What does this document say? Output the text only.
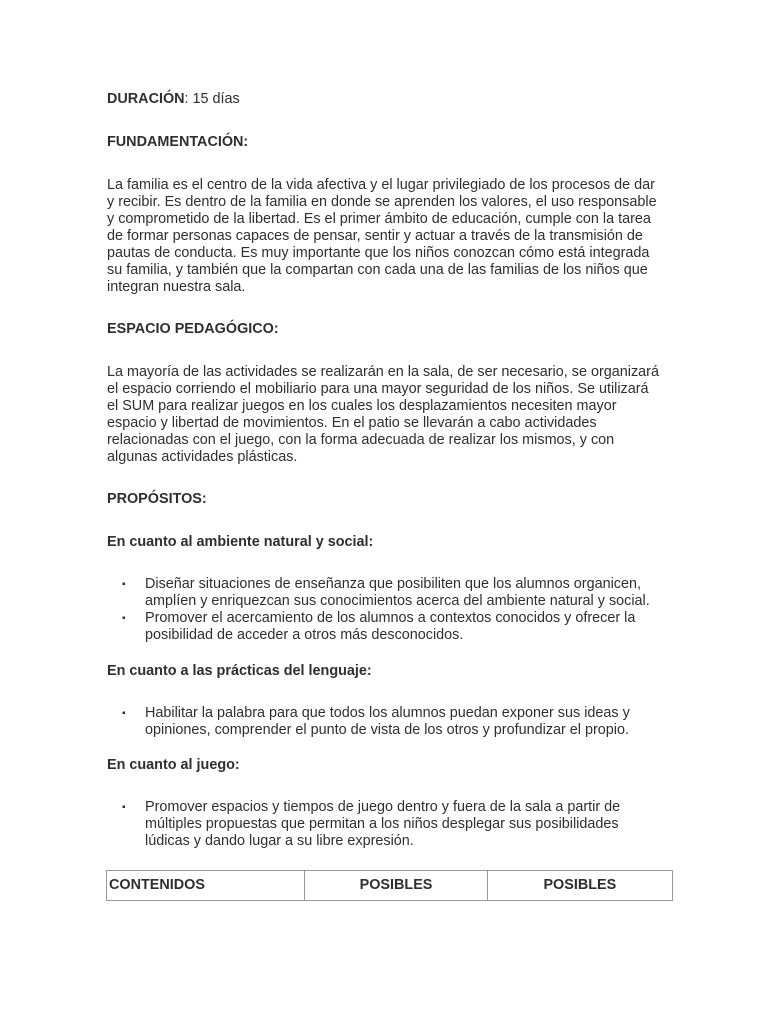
DURACIÓN: 15 días

FUNDAMENTACIÓN:

La familia es el centro de la vida afectiva y el lugar privilegiado de los procesos de dar
y recibir. Es dentro de la familia en donde se aprenden los valores, el uso responsable
y comprometido de la libertad. Es el primer ámbito de educación, cumple con la tarea
de formar personas capaces de pensar, sentir y actuar a través de la transmisión de
pautas de conducta. Es muy importante que los niños conozcan cómo está integrada
su familia, y también que la compartan con cada una de las familias de los niños que
integran nuestra sala.

ESPACIO PEDAGÓGICO:

La mayoría de las actividades se realizarán en la sala, de ser necesario, se organizará
el espacio corriendo el mobiliario para una mayor seguridad de los niños. Se utilizará
el SUM para realizar juegos en los cuales los desplazamientos necesiten mayor
espacio y libertad de movimientos. En el patio se llevarán a cabo actividades
relacionadas con el juego, con la forma adecuada de realizar los mismos, y con
algunas actividades plásticas.

PROPÓSITOS:

En cuanto al ambiente natural y social:

▪ Diseñar situaciones de enseñanza que posibiliten que los alumnos organicen,
amplíen y enriquezcan sus conocimientos acerca del ambiente natural y social.
▪ Promover el acercamiento de los alumnos a contextos conocidos y ofrecer la
posibilidad de acceder a otros más desconocidos.

En cuanto a las prácticas del lenguaje:

▪ Habilitar la palabra para que todos los alumnos puedan exponer sus ideas y
opiniones, comprender el punto de vista de los otros y profundizar el propio.

En cuanto al juego:

▪ Promover espacios y tiempos de juego dentro y fuera de la sala a partir de
múltiples propuestas que permitan a los niños desplegar sus posibilidades
lúdicas y dando lugar a su libre expresión.
CONTENIDOS	POSIBLES	POSIBLES
